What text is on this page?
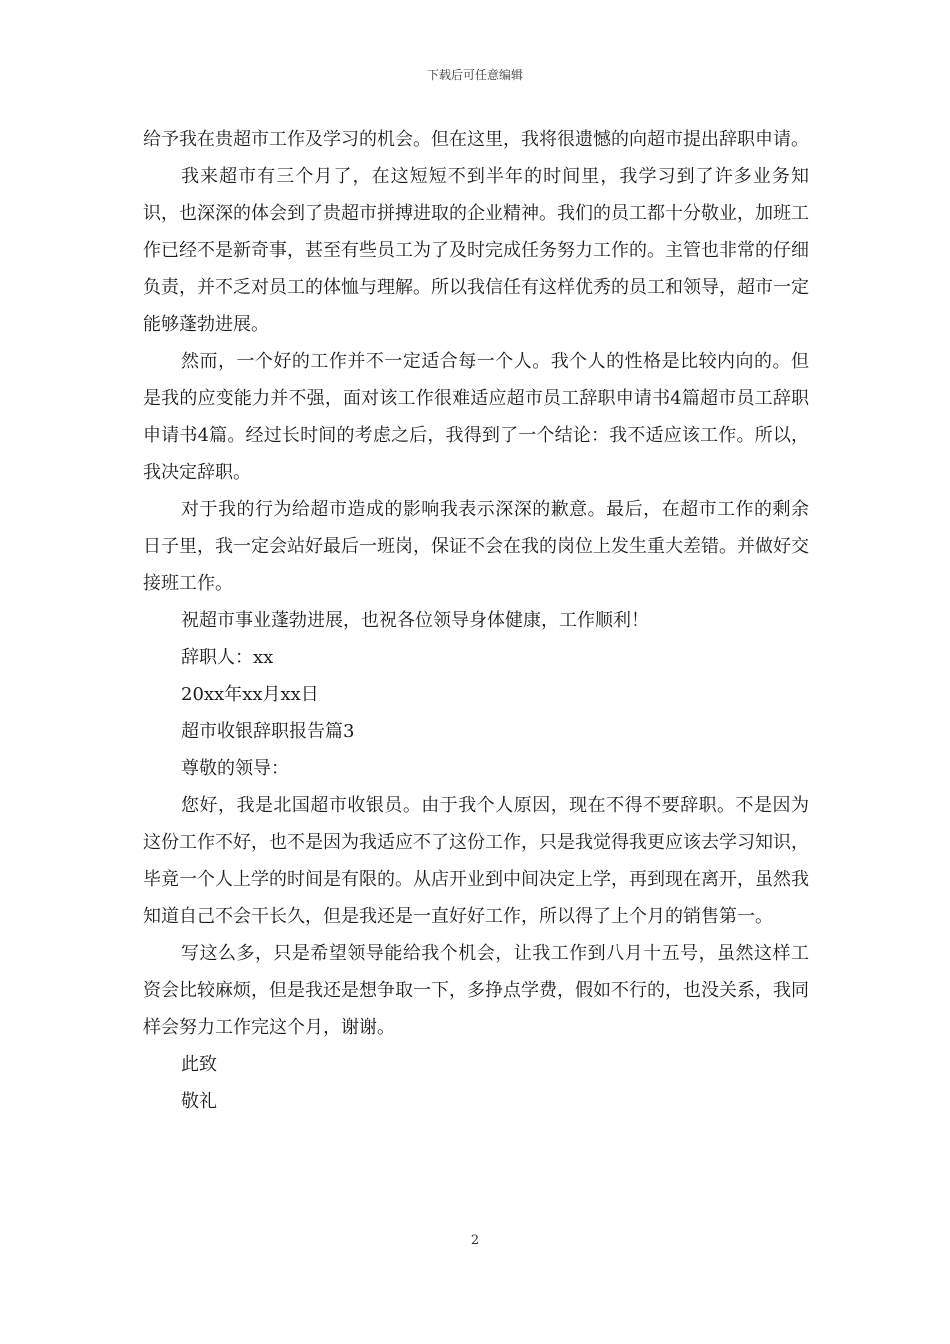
下载后可任意编辑

给予我在贵超市工作及学习的机会。但在这里，我将很遗憾的向超市提出辞职申请。

我来超市有三个月了，在这短短不到半年的时间里，我学习到了许多业务知识，也深深的体会到了贵超市拼搏进取的企业精神。我们的员工都十分敬业，加班工作已经不是新奇事，甚至有些员工为了及时完成任务努力工作的。主管也非常的仔细负责，并不乏对员工的体恤与理解。所以我信任有这样优秀的员工和领导，超市一定能够蓬勃进展。

然而，一个好的工作并不一定适合每一个人。我个人的性格是比较内向的。但是我的应变能力并不强，面对该工作很难适应超市员工辞职申请书4篇超市员工辞职申请书4篇。经过长时间的考虑之后，我得到了一个结论：我不适应该工作。所以，我决定辞职。

对于我的行为给超市造成的影响我表示深深的歉意。最后，在超市工作的剩余日子里，我一定会站好最后一班岗，保证不会在我的岗位上发生重大差错。并做好交接班工作。

祝超市事业蓬勃进展，也祝各位领导身体健康，工作顺利！

辞职人：xx

20xx年xx月xx日

超市收银辞职报告篇3

尊敬的领导：

您好，我是北国超市收银员。由于我个人原因，现在不得不要辞职。不是因为这份工作不好，也不是因为我适应不了这份工作，只是我觉得我更应该去学习知识，毕竟一个人上学的时间是有限的。从店开业到中间决定上学，再到现在离开，虽然我知道自己不会干长久，但是我还是一直好好工作，所以得了上个月的销售第一。

写这么多，只是希望领导能给我个机会，让我工作到八月十五号，虽然这样工资会比较麻烦，但是我还是想争取一下，多挣点学费，假如不行的，也没关系，我同样会努力工作完这个月，谢谢。

此致

敬礼

2
